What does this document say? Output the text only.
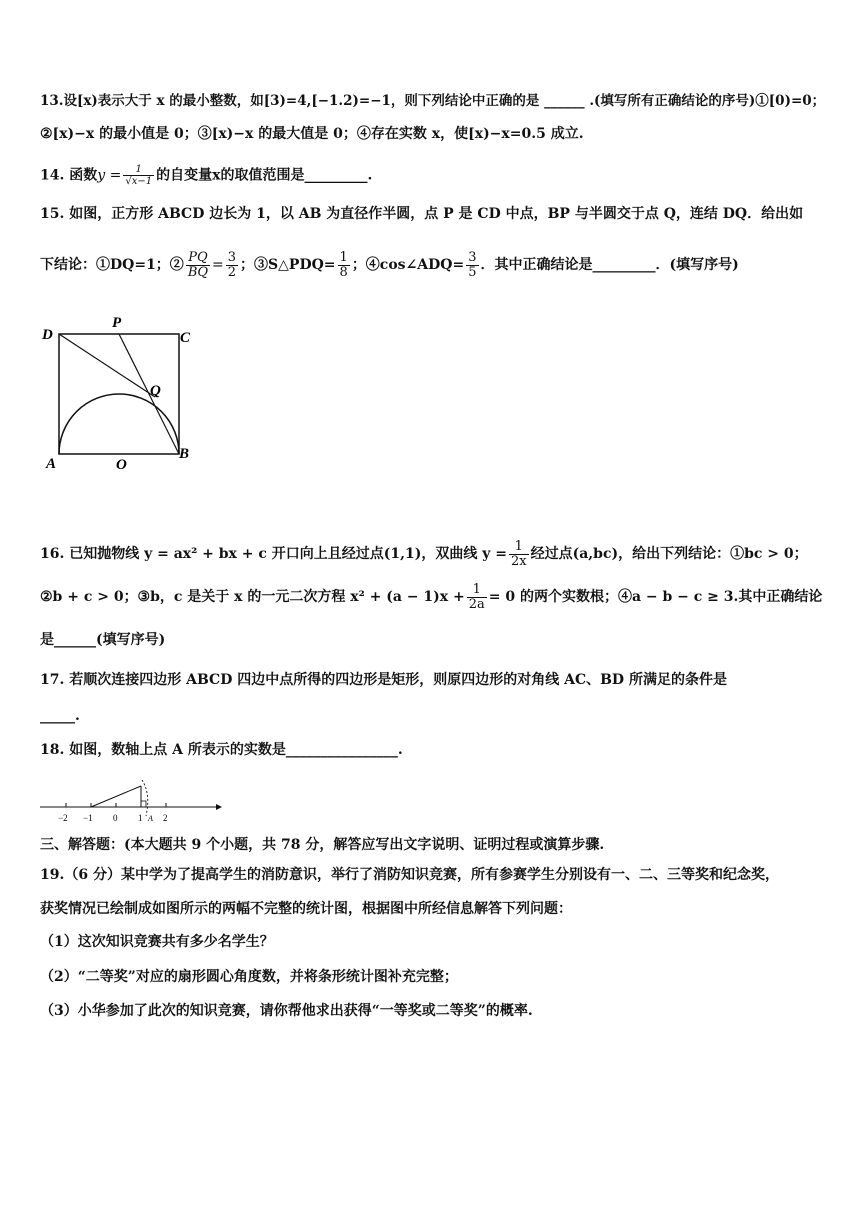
13.设[x)表示大于 x 的最小整数，如[3)=4,[−1.2)=−1，则下列结论中正确的是 ______ .(填写所有正确结论的序号)①[0)=0；
②[x)−x 的最小值是 0；③[x)−x 的最大值是 0；④存在实数 x，使[x)−x=0.5 成立.
14. 函数$y = \frac{1}{√x-1}$ 的自变量x的取值范围是_________.
15. 如图，正方形 ABCD 边长为 1，以 AB 为直径作半圆，点 P 是 CD 中点，BP 与半圆交于点 Q，连结 DQ．给出如
下结论：①DQ=1；② $\frac{PQ}{BQ} = \frac{3}{2}$ ；③S△PDQ= $\frac{1}{8}$ ；④cos∠ADQ= $\frac{3}{5}$ ．其中正确结论是_________．(填写序号)
D
P
C
Q
A	O
B
16. 已知抛物线 y = ax² + bx + c 开口向上且经过点(1,1)，双曲线 $y = \frac{1}{2x}$ 经过点(a,bc)，给出下列结论：①bc > 0；
②b + c > 0；③b，c 是关于 x 的一元二次方程 $x^2 + (a - 1)x + \frac{1}{2a} = 0$ 的两个实数根；④a − b − c ≥ 3.其中正确结论
是______(填写序号)
17. 若顺次连接四边形 ABCD 四边中点所得的四边形是矩形，则原四边形的对角线 AC、BD 所满足的条件是
_____.
18. 如图，数轴上点 A 所表示的实数是________________.
−2 −1 0 1 A 2
三、解答题：(本大题共 9 个小题，共 78 分，解答应写出文字说明、证明过程或演算步骤.
19.（6 分）某中学为了提高学生的消防意识，举行了消防知识竞赛，所有参赛学生分别设有一、二、三等奖和纪念奖，
获奖情况已绘制成如图所示的两幅不完整的统计图，根据图中所经信息解答下列问题：
（1）这次知识竞赛共有多少名学生？
（2）“二等奖”对应的扇形圆心角度数，并将条形统计图补充完整；
（3）小华参加了此次的知识竞赛，请你帮他求出获得“一等奖或二等奖”的概率.
